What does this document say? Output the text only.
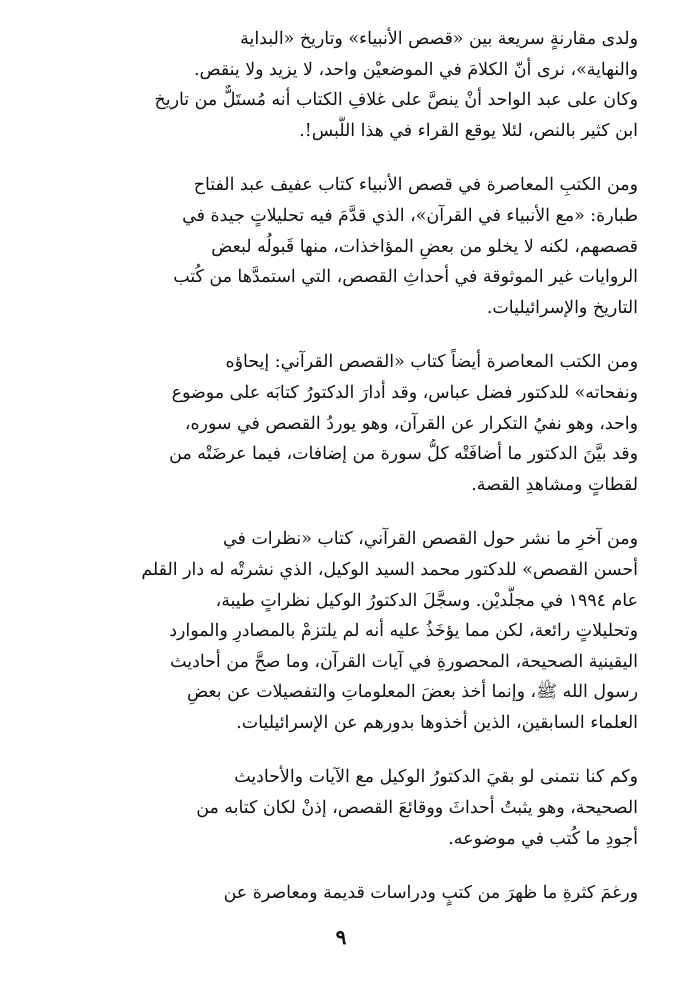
ولدى مقارنةٍ سريعة بين «قصص الأنبياء» وتاريخ «البداية
والنهاية»، نرى أنّ الكلامَ في الموضعيْن واحد، لا يزيد ولا ينقص.
وكان على عبد الواحد أنْ ينصَّ على غلافِ الكتاب أنه مُستَلٌّ من تاريخ
ابن كثير بالنص، لئلا يوقع القراء في هذا اللَّبس!.

ومن الكتبِ المعاصرة في قصص الأنبياء كتاب عفيف عبد الفتاح
طبارة: «مع الأنبياء في القرآن»، الذي قدَّمَ فيه تحليلاتٍ جيدة في
قصصهم، لكنه لا يخلو من بعضِ المؤاخذات، منها قَبولُه لبعض
الروايات غير الموثوقة في أحداثِ القصص، التي استمدَّها من كُتب
التاريخ والإسرائيليات.

ومن الكتب المعاصرة أيضاً كتاب «القصص القرآني: إيحاؤه
ونفحاته» للدكتور فضل عباس، وقد أدارَ الدكتورُ كتابَه على موضوع
واحد، وهو نفيُ التكرار عن القرآن، وهو يوردُ القصص في سوره،
وقد بيَّنَ الدكتور ما أضافَتْه كلُّ سورة من إضافات، فيما عرضَتْه من
لقطاتٍ ومشاهدِ القصة.

ومن آخرِ ما نشر حول القصص القرآني، كتاب «نظرات في
أحسن القصص» للدكتور محمد السيد الوكيل، الذي نشرتْه له دار القلم
عام ١٩٩٤ في مجلَّديْن. وسجَّلَ الدكتورُ الوكيل نظراتٍ طيبة،
وتحليلاتٍ رائعة، لكن مما يؤخَذُ عليه أنه لم يلتزمْ بالمصادرِ والموارد
اليقينية الصحيحة، المحصورةِ في آيات القرآن، وما صحَّ من أحاديث
رسول الله ﷺ، وإنما أخذ بعضَ المعلوماتِ والتفصيلات عن بعضِ
العلماء السابقين، الذين أخذوها بدورهم عن الإسرائيليات.

وكم كنا نتمنى لو بقيَ الدكتورُ الوكيل مع الآيات والأحاديث
الصحيحة، وهو يثبتُ أحداثَ ووقائعَ القصص، إذنْ لكان كتابه من
أجودِ ما كُتب في موضوعه.

ورغمَ كثرةِ ما ظهرَ من كتبٍ ودراسات قديمة ومعاصرة عن

٩
